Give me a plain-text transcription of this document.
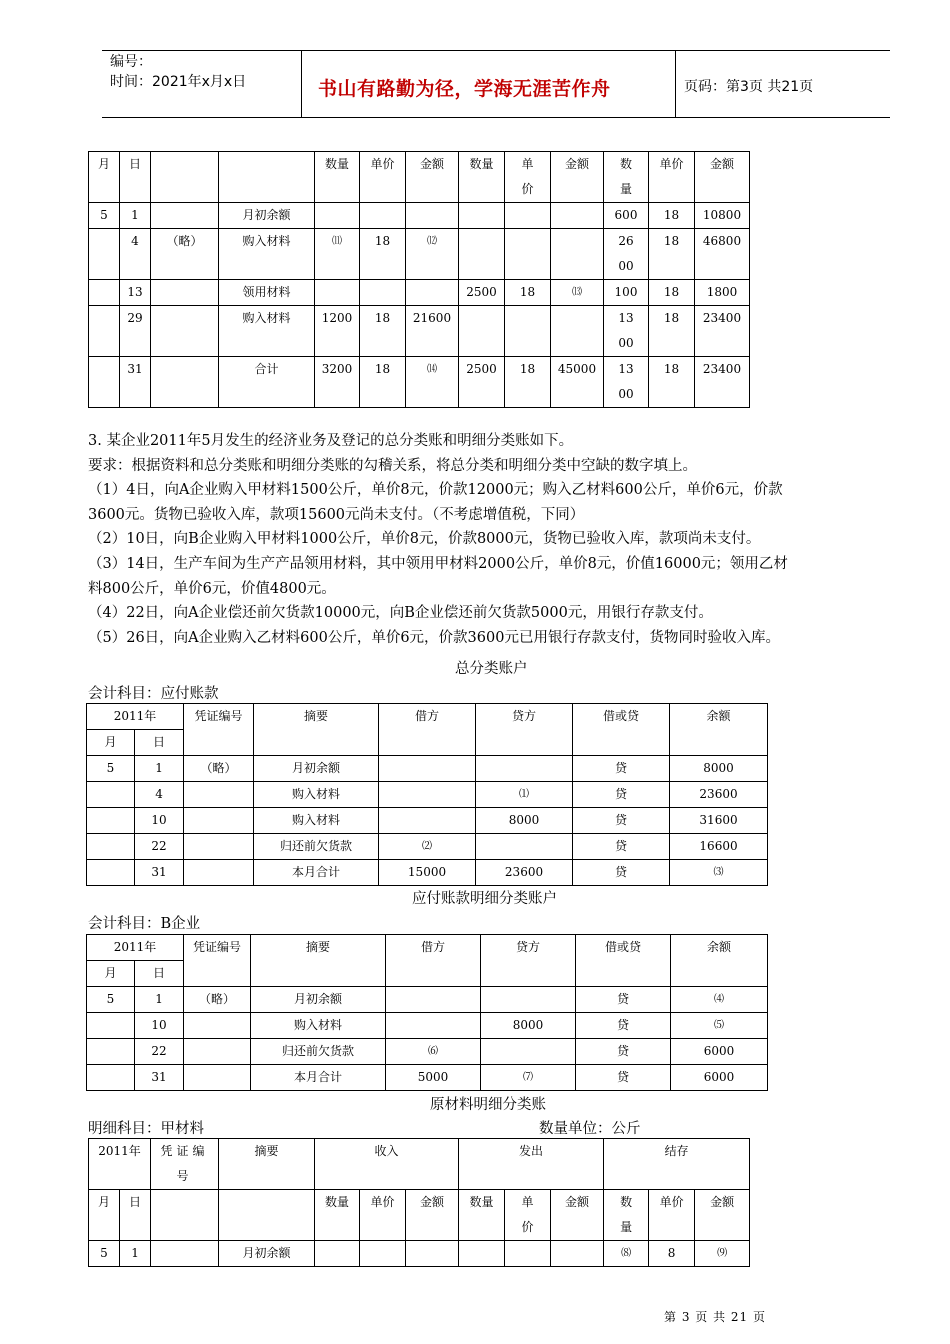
编号：
时间：2021年x月x日	书山有路勤为径，学海无涯苦作舟	页码：第3页 共21页
月	日			数量	单价	金额	数量	单价	金额	数量	单价	金额
5	1		月初余额							600	18	10800
	4	（略）	购入材料	⑾	18	⑿				2600	18	46800
	13		领用材料				2500	18	⒀	100	18	1800
	29		购入材料	1200	18	21600				1300	18	23400
	31		合计	3200	18	⒁	2500	18	45000	1300	18	23400
3. 某企业2011年5月发生的经济业务及登记的总分类账和明细分类账如下。
要求：根据资料和总分类账和明细分类账的勾稽关系，将总分类和明细分类中空缺的数字填上。
（1）4日，向A企业购入甲材料1500公斤，单价8元，价款12000元；购入乙材料600公斤，单价6元，价款
3600元。货物已验收入库，款项15600元尚未支付。（不考虑增值税，下同）
（2）10日，向B企业购入甲材料1000公斤，单价8元，价款8000元，货物已验收入库，款项尚未支付。
（3）14日，生产车间为生产产品领用材料，其中领用甲材料2000公斤，单价8元，价值16000元；领用乙材
料800公斤，单价6元，价值4800元。
（4）22日，向A企业偿还前欠货款10000元，向B企业偿还前欠货款5000元，用银行存款支付。
（5）26日，向A企业购入乙材料600公斤，单价6元，价款3600元已用银行存款支付，货物同时验收入库。
总分类账户
会计科目：应付账款
2011年		凭证编号	摘要	借方	贷方	借或贷	余额
月	日						
5	1	（略）	月初余额			贷	8000
	4		购入材料		⑴	贷	23600
	10		购入材料		8000	贷	31600
	22		归还前欠货款	⑵		贷	16600
	31		本月合计	15000	23600	贷	⑶
应付账款明细分类账户
会计科目：B企业
2011年		凭证编号	摘要	借方	贷方	借或贷	余额
月	日						
5	1	（略）	月初余额			贷	⑷
	10		购入材料		8000	贷	⑸
	22		归还前欠货款	⑹		贷	6000
	31		本月合计	5000	⑺	贷	6000
原材料明细分类账
明细科目：甲材料	数量单位：公斤
2011年		凭证编号	摘要	收入			发出			结存		
月	日			数量	单价	金额	数量	单价	金额	数量	单价	金额
5	1		月初余额							⑻	8	⑼
第 3 页 共 21 页
